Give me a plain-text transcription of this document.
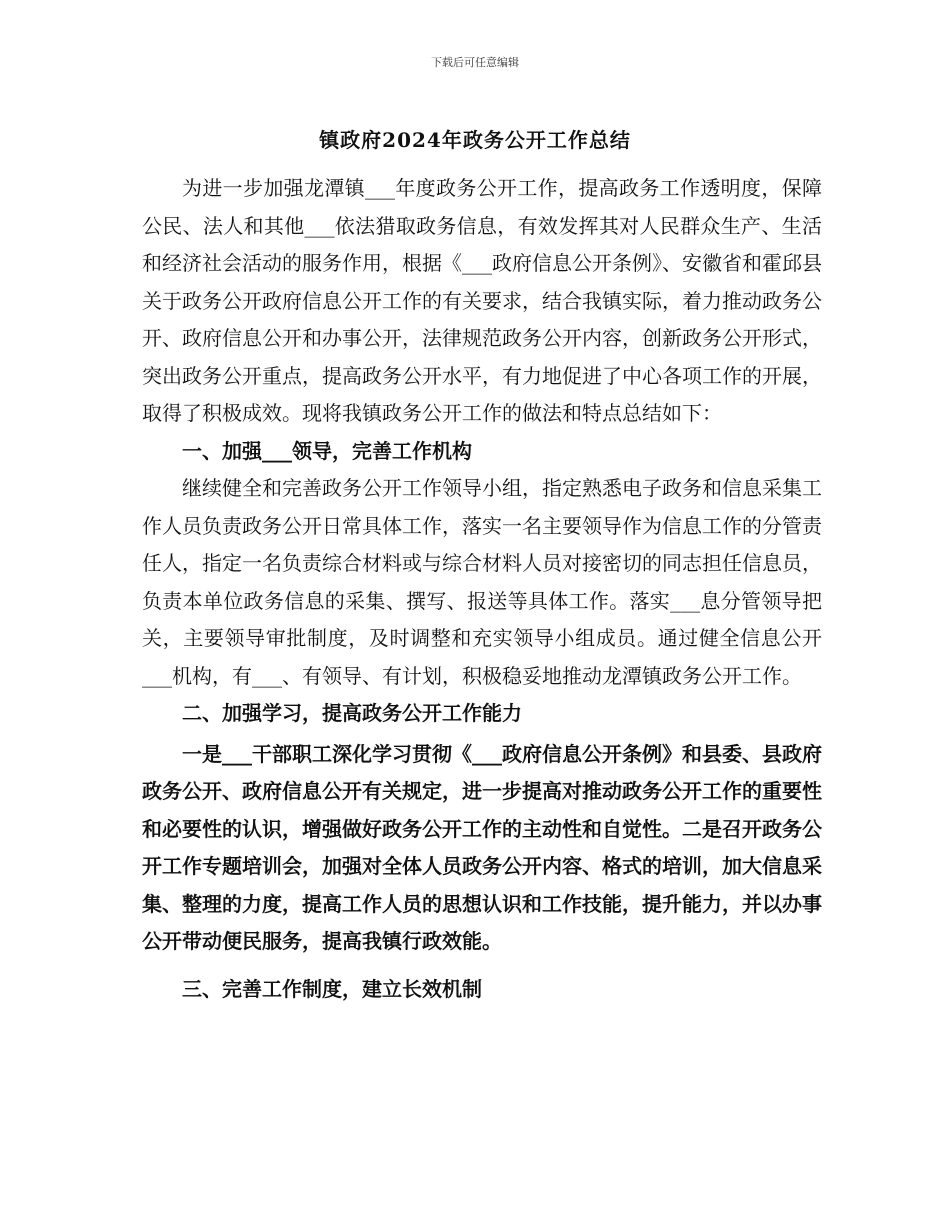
下载后可任意编辑
镇政府2024年政务公开工作总结

为进一步加强龙潭镇___年度政务公开工作，提高政务工作透明度，保障公民、法人和其他___依法猎取政务信息，有效发挥其对人民群众生产、生活和经济社会活动的服务作用，根据《___政府信息公开条例》、安徽省和霍邱县关于政务公开政府信息公开工作的有关要求，结合我镇实际，着力推动政务公开、政府信息公开和办事公开，法律规范政务公开内容，创新政务公开形式，突出政务公开重点，提高政务公开水平，有力地促进了中心各项工作的开展，取得了积极成效。现将我镇政务公开工作的做法和特点总结如下：

一、加强___领导，完善工作机构

继续健全和完善政务公开工作领导小组，指定熟悉电子政务和信息采集工作人员负责政务公开日常具体工作，落实一名主要领导作为信息工作的分管责任人，指定一名负责综合材料或与综合材料人员对接密切的同志担任信息员，负责本单位政务信息的采集、撰写、报送等具体工作。落实___息分管领导把关，主要领导审批制度，及时调整和充实领导小组成员。通过健全信息公开___机构，有___、有领导、有计划，积极稳妥地推动龙潭镇政务公开工作。

二、加强学习，提高政务公开工作能力

一是___干部职工深化学习贯彻《___政府信息公开条例》和县委、县政府政务公开、政府信息公开有关规定，进一步提高对推动政务公开工作的重要性和必要性的认识，增强做好政务公开工作的主动性和自觉性。二是召开政务公开工作专题培训会，加强对全体人员政务公开内容、格式的培训，加大信息采集、整理的力度，提高工作人员的思想认识和工作技能，提升能力，并以办事公开带动便民服务，提高我镇行政效能。

三、完善工作制度，建立长效机制
